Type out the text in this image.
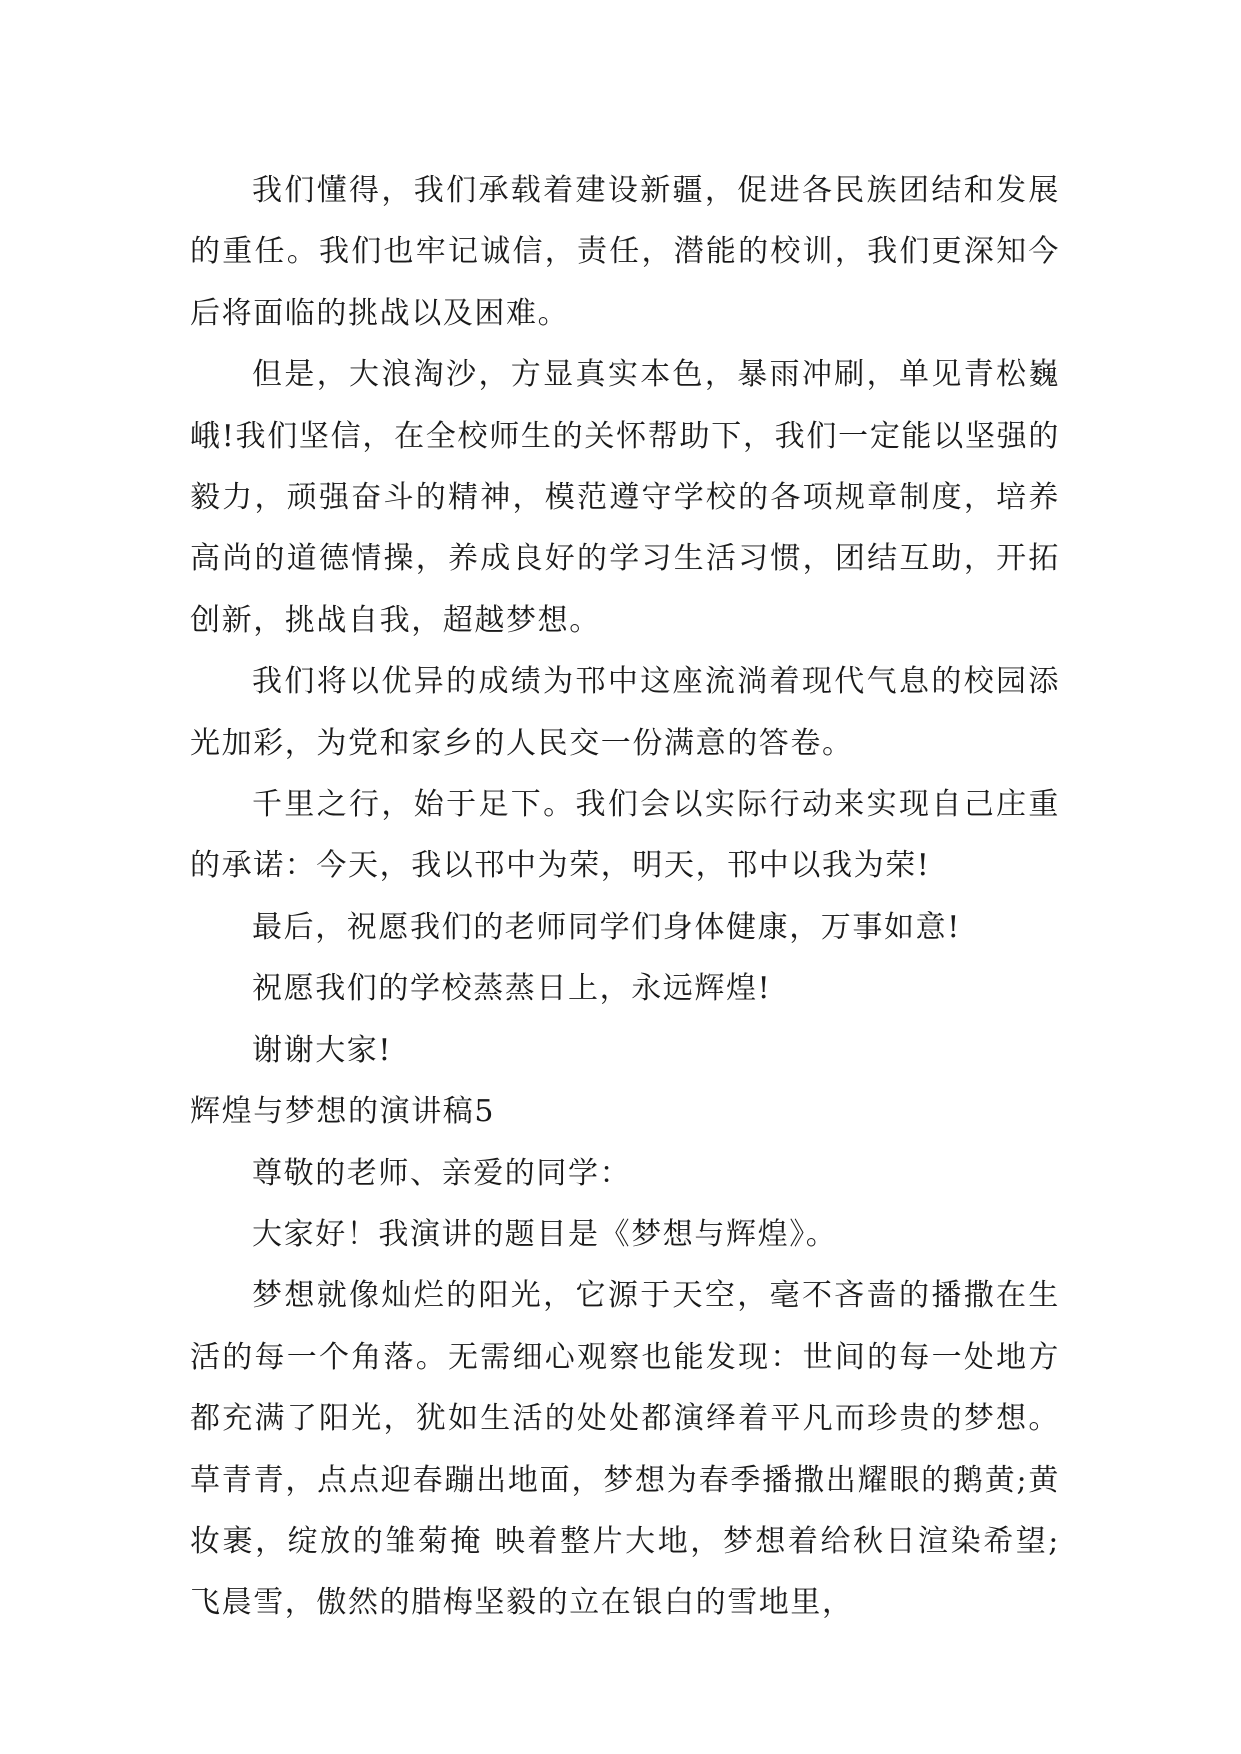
我们懂得，我们承载着建设新疆，促进各民族团结和发展的重任。我们也牢记诚信，责任，潜能的校训，我们更深知今后将面临的挑战以及困难。

但是，大浪淘沙，方显真实本色，暴雨冲刷，单见青松巍峨!我们坚信，在全校师生的关怀帮助下，我们一定能以坚强的毅力，顽强奋斗的精神，模范遵守学校的各项规章制度，培养高尚的道德情操，养成良好的学习生活习惯，团结互助，开拓创新，挑战自我，超越梦想。

我们将以优异的成绩为邗中这座流淌着现代气息的校园添光加彩，为党和家乡的人民交一份满意的答卷。

千里之行，始于足下。我们会以实际行动来实现自己庄重的承诺：今天，我以邗中为荣，明天，邗中以我为荣!

最后，祝愿我们的老师同学们身体健康，万事如意!

祝愿我们的学校蒸蒸日上，永远辉煌!

谢谢大家!

辉煌与梦想的演讲稿5

尊敬的老师、亲爱的同学：

大家好！我演讲的题目是《梦想与辉煌》。

梦想就像灿烂的阳光，它源于天空，毫不吝啬的播撒在生活的每一个角落。无需细心观察也能发现：世间的每一处地方都充满了阳光，犹如生活的处处都演绎着平凡而珍贵的梦想。草青青，点点迎春蹦出地面，梦想为春季播撒出耀眼的鹅黄;黄妆裹，绽放的雏菊掩 映着整片大地，梦想着给秋日渲染希望;飞晨雪，傲然的腊梅坚毅的立在银白的雪地里，
